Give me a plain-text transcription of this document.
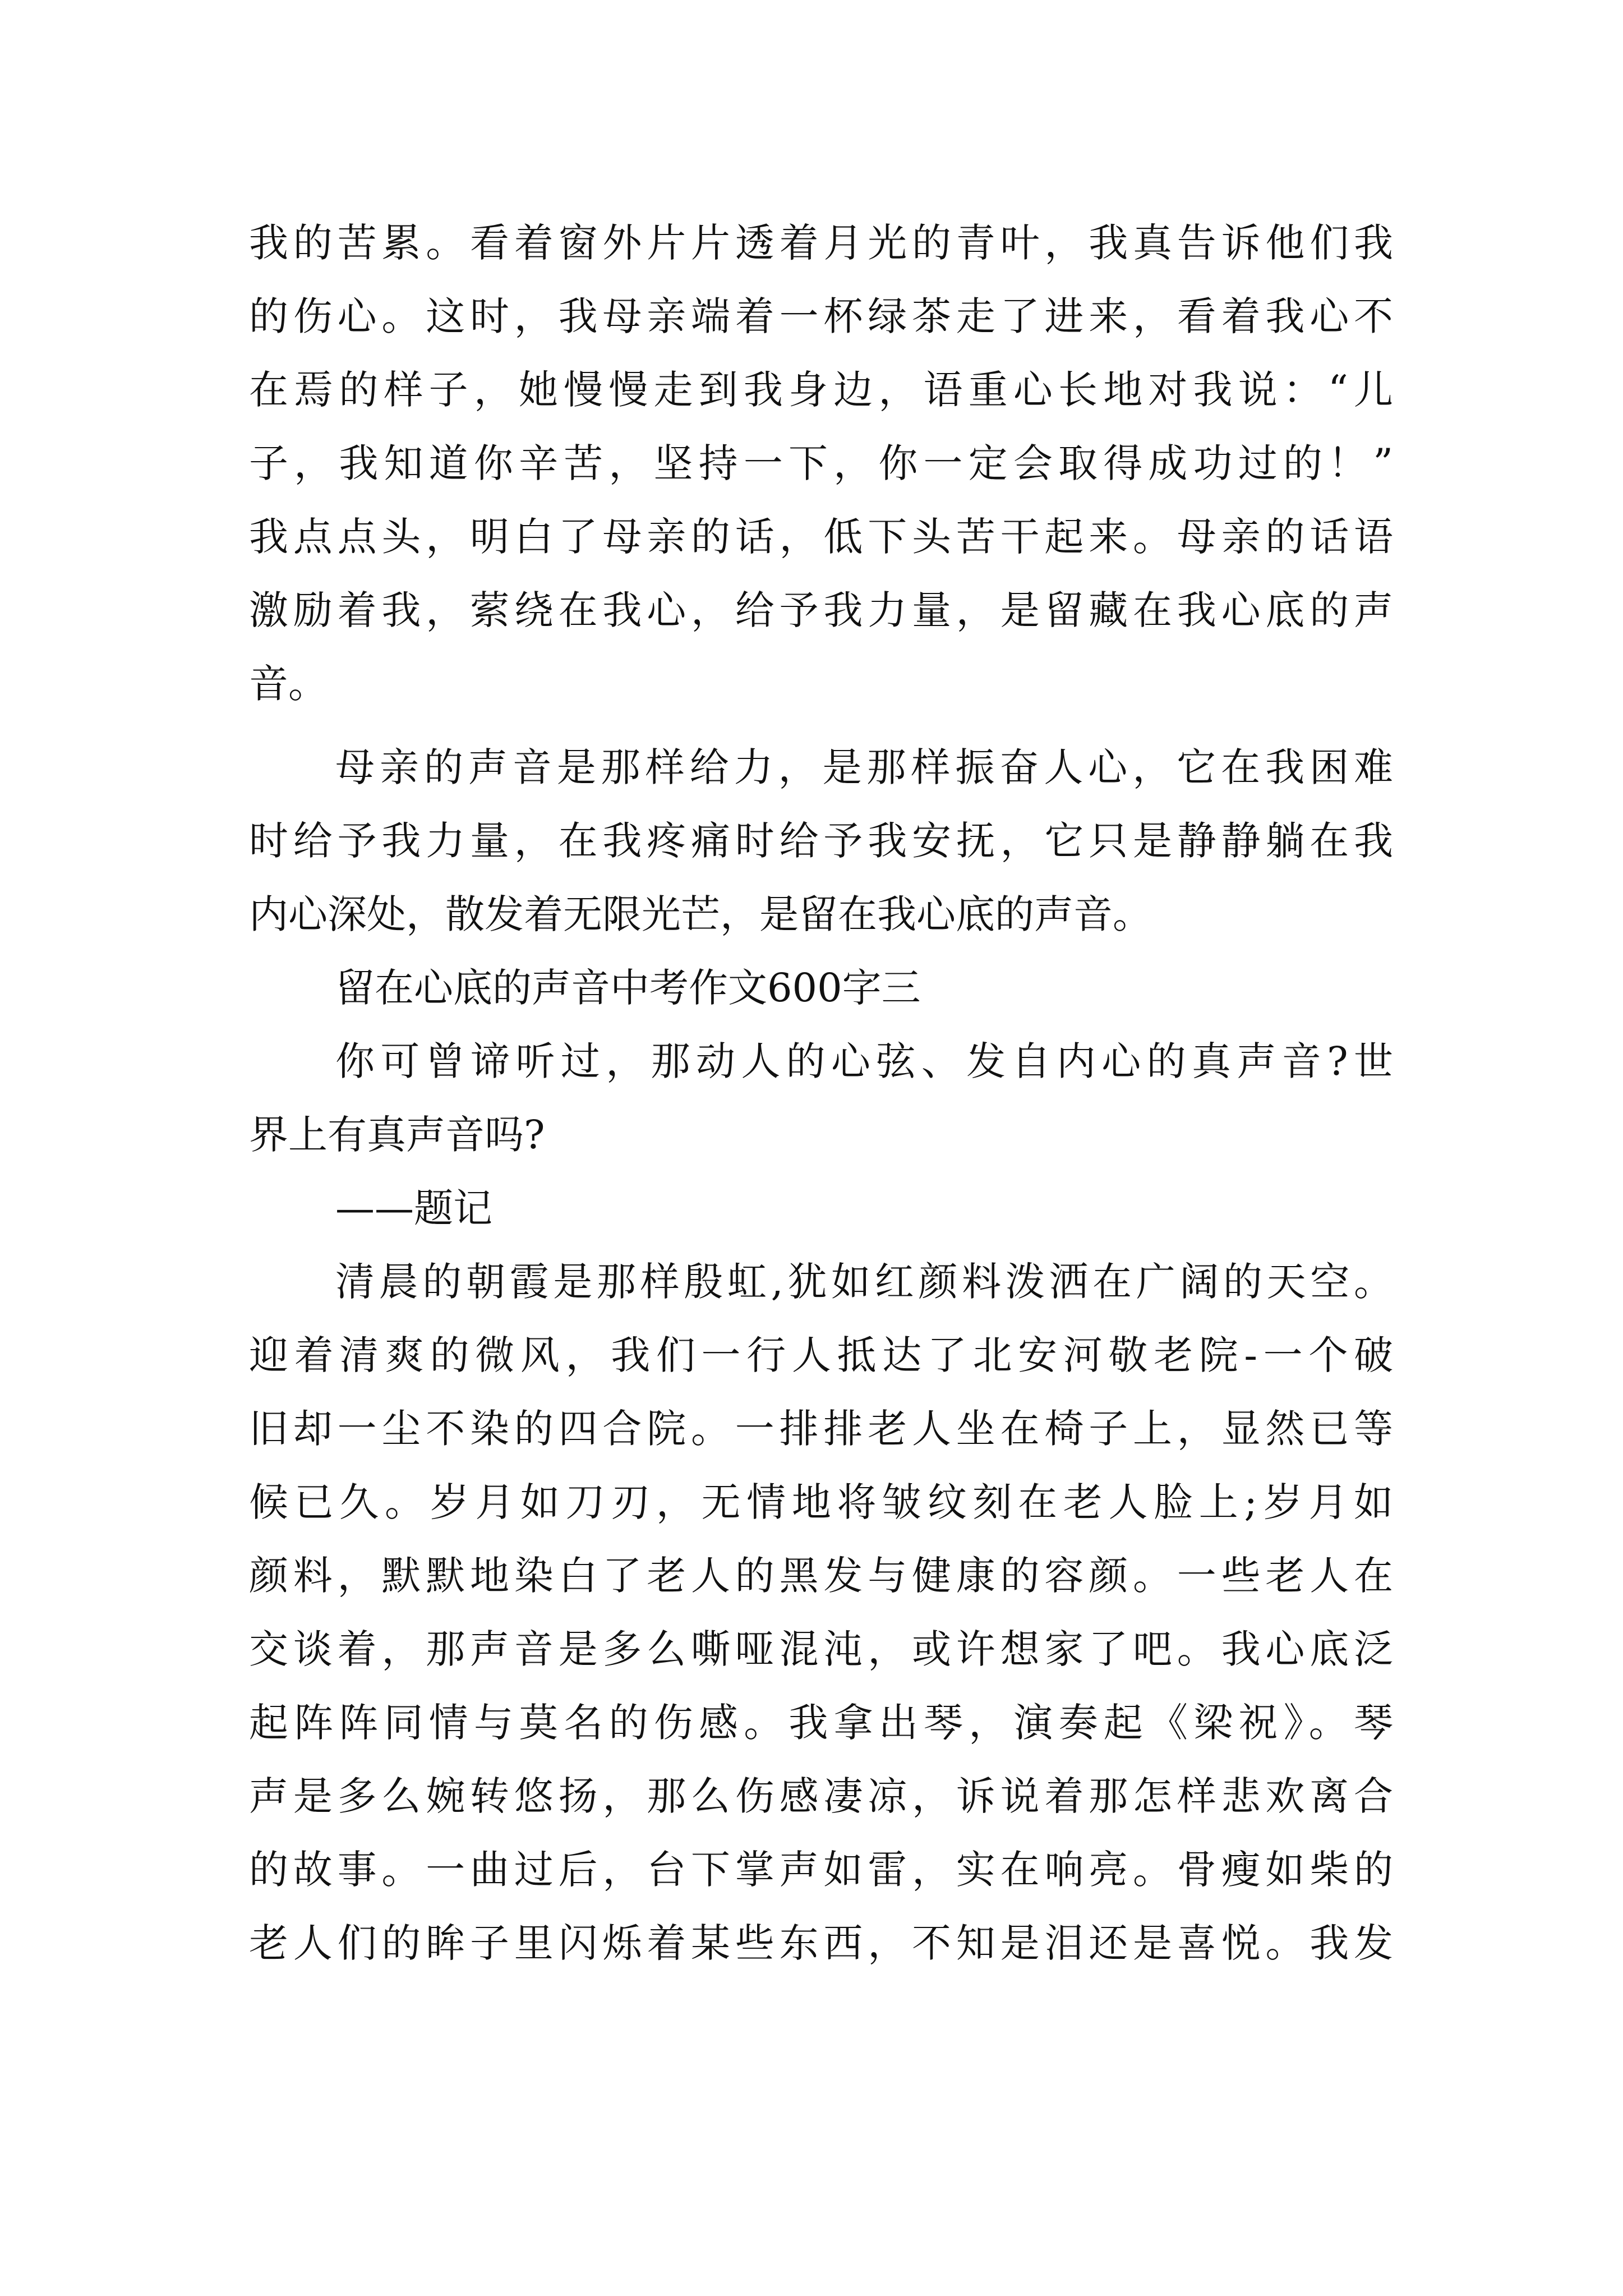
我的苦累。看着窗外片片透着月光的青叶，我真告诉他们我
的伤心。这时，我母亲端着一杯绿茶走了进来，看着我心不
在焉的样子，她慢慢走到我身边，语重心长地对我说：“儿
子，我知道你辛苦，坚持一下，你一定会取得成功过的！”
我点点头，明白了母亲的话，低下头苦干起来。母亲的话语
激励着我，萦绕在我心，给予我力量，是留藏在我心底的声
音。
母亲的声音是那样给力，是那样振奋人心，它在我困难
时给予我力量，在我疼痛时给予我安抚，它只是静静躺在我
内心深处，散发着无限光芒，是留在我心底的声音。
留在心底的声音中考作文600字三
你可曾谛听过，那动人的心弦、发自内心的真声音?世
界上有真声音吗?
——题记
清晨的朝霞是那样殷虹,犹如红颜料泼洒在广阔的天空。
迎着清爽的微风，我们一行人抵达了北安河敬老院-一个破
旧却一尘不染的四合院。一排排老人坐在椅子上，显然已等
候已久。岁月如刀刃，无情地将皱纹刻在老人脸上;岁月如
颜料，默默地染白了老人的黑发与健康的容颜。一些老人在
交谈着，那声音是多么嘶哑混沌，或许想家了吧。我心底泛
起阵阵同情与莫名的伤感。我拿出琴，演奏起《梁祝》。琴
声是多么婉转悠扬，那么伤感凄凉，诉说着那怎样悲欢离合
的故事。一曲过后，台下掌声如雷，实在响亮。骨瘦如柴的
老人们的眸子里闪烁着某些东西，不知是泪还是喜悦。我发
